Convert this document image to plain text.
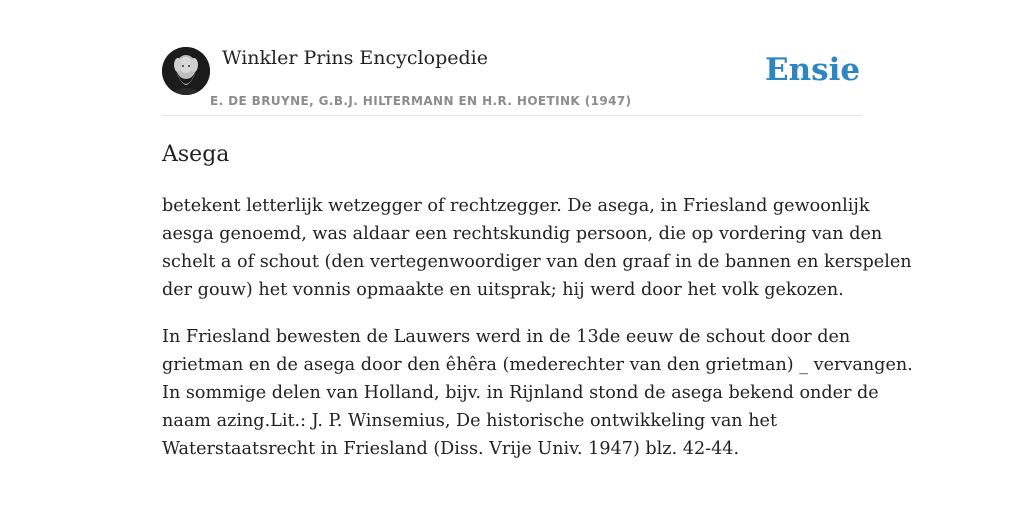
Winkler Prins Encyclopedie
E. DE BRUYNE, G.B.J. HILTERMANN EN H.R. HOETINK (1947)
Ensie
Asega

betekent letterlijk wetzegger of rechtzegger. De asega, in Friesland gewoonlijk
aesga genoemd, was aldaar een rechtskundig persoon, die op vordering van den
schelt a of schout (den vertegenwoordiger van den graaf in de bannen en kerspelen
der gouw) het vonnis opmaakte en uitsprak; hij werd door het volk gekozen.

In Friesland bewesten de Lauwers werd in de 13de eeuw de schout door den
grietman en de asega door den êhêra (mederechter van den grietman) _ vervangen.
In sommige delen van Holland, bijv. in Rijnland stond de asega bekend onder de
naam azing.Lit.: J. P. Winsemius, De historische ontwikkeling van het
Waterstaatsrecht in Friesland (Diss. Vrije Univ. 1947) blz. 42-44.
